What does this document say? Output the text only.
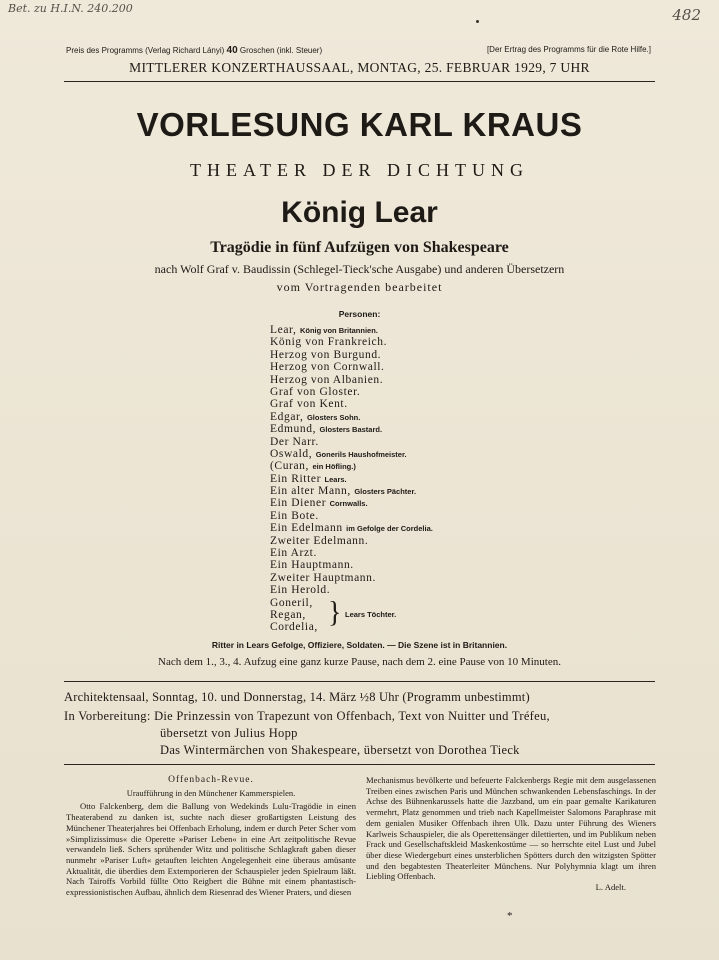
Bet. zu H.I.N. 240.200	482
Preis des Programms (Verlag Richard Lányi) 40 Groschen (inkl. Steuer)	[Der Ertrag des Programms für die Rote Hilfe.]
MITTLERER KONZERTHAUSSAAL, MONTAG, 25. FEBRUAR 1929, 7 UHR
VORLESUNG KARL KRAUS
THEATER DER DICHTUNG
König Lear
Tragödie in fünf Aufzügen von Shakespeare
nach Wolf Graf v. Baudissin (Schlegel-Tieck'sche Ausgabe) und anderen Übersetzern
vom Vortragenden bearbeitet
Personen:
Lear, König von Britannien.
König von Frankreich.
Herzog von Burgund.
Herzog von Cornwall.
Herzog von Albanien.
Graf von Gloster.
Graf von Kent.
Edgar, Glosters Sohn.
Edmund, Glosters Bastard.
Der Narr.
Oswald, Gonerils Haushofmeister.
(Curan, ein Höfling.)
Ein Ritter Lears.
Ein alter Mann, Glosters Pächter.
Ein Diener Cornwalls.
Ein Bote.
Ein Edelmann im Gefolge der Cordelia.
Zweiter Edelmann.
Ein Arzt.
Ein Hauptmann.
Zweiter Hauptmann.
Ein Herold.
Goneril,
Regan,
Cordelia, } Lears Töchter.
Ritter in Lears Gefolge, Offiziere, Soldaten. — Die Szene ist in Britannien.
Nach dem 1., 3., 4. Aufzug eine ganz kurze Pause, nach dem 2. eine Pause von 10 Minuten.
Architektensaal, Sonntag, 10. und Donnerstag, 14. März ½8 Uhr (Programm unbestimmt)
In Vorbereitung: Die Prinzessin von Trapezunt von Offenbach, Text von Nuitter und Tréfeu,
übersetzt von Julius Hopp
Das Wintermärchen von Shakespeare, übersetzt von Dorothea Tieck

Offenbach-Revue.

Uraufführung in den Münchener Kammerspielen.

Otto Falckenberg, dem die Ballung von Wedekinds Lulu-Tragödie in einen Theaterabend zu danken ist, suchte nach dieser großartigsten Leistung des Münchener Theaterjahres bei Offenbach Erholung, indem er durch Peter Scher vom »Simplizissimus« die Operette »Pariser Leben« in eine Art zeitpolitische Revue verwandeln ließ. Schers sprühender Witz und politische Schlagkraft gaben dieser nunmehr »Pariser Luft« getauften leichten Angelegenheit eine überaus amüsante Aktualität, die überdies dem Extemporieren der Schauspieler jeden Spielraum läßt. Nach Tairoffs Vorbild füllte Otto Reigbert die Bühne mit einem phantastisch-expressionistischen Aufbau, ähnlich dem Riesenrad des Wiener Praters, und diesen

Mechanismus bevölkerte und befeuerte Falckenbergs Regie mit dem ausgelassenen Treiben eines zwischen Paris und München schwankenden Lebensfaschings. In der Achse des Bühnenkarussels hatte die Jazzband, um ein paar gemalte Karikaturen vermehrt, Platz genommen und trieb nach Kapellmeister Salomons Paraphrase mit dem genialen Musiker Offenbach ihren Ulk. Dazu unter Führung des Wieners Karlweis Schauspieler, die als Operettensänger dilettierten, und im Publikum neben Frack und Gesellschaftskleid Maskenkostüme — so herrschte eitel Lust und Jubel über diese Wiedergeburt eines unsterblichen Spötters durch den witzigsten Spötter und den begabtesten Theaterleiter Münchens. Nur Polyhymnia klagt um ihren Liebling Offenbach.

L. Adelt.

*
